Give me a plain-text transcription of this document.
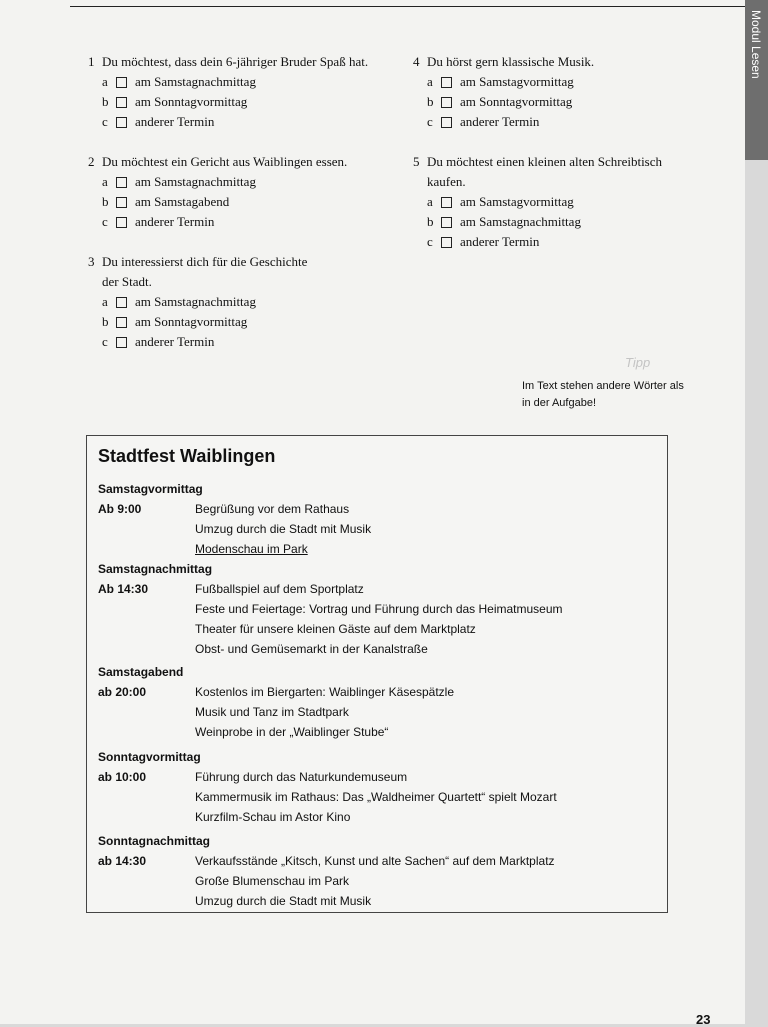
1 Du möchtest, dass dein 6-jähriger Bruder Spaß hat.
a	am Samstagnachmittag
b	am Sonntagvormittag
c	anderer Termin
2 Du möchtest ein Gericht aus Waiblingen essen.
a	am Samstagnachmittag
b	am Samstagabend
c	anderer Termin
3 Du interessierst dich für die Geschichte
der Stadt.
a	am Samstagnachmittag
b	am Sonntagvormittag
c	anderer Termin
4 Du hörst gern klassische Musik.
a	am Samstagvormittag
b	am Sonntagvormittag
c	anderer Termin
5 Du möchtest einen kleinen alten Schreibtisch
kaufen.
a	am Samstagvormittag
b	am Samstagnachmittag
c	anderer Termin
Tipp
Im Text stehen andere Wörter als in der Aufgabe!
Stadtfest Waiblingen
Samstagvormittag
Ab 9:00	Begrüßung vor dem Rathaus
Umzug durch die Stadt mit Musik
Modenschau im Park
Samstagnachmittag
Ab 14:30	Fußballspiel auf dem Sportplatz
Feste und Feiertage: Vortrag und Führung durch das Heimatmuseum
Theater für unsere kleinen Gäste auf dem Marktplatz
Obst- und Gemüsemarkt in der Kanalstraße
Samstagabend
ab 20:00	Kostenlos im Biergarten: Waiblinger Käsespätzle
Musik und Tanz im Stadtpark
Weinprobe in der „Waiblinger Stube“
Sonntagvormittag
ab 10:00	Führung durch das Naturkundemuseum
Kammermusik im Rathaus: Das „Waldheimer Quartett“ spielt Mozart
Kurzfilm-Schau im Astor Kino
Sonntagnachmittag
ab 14:30	Verkaufsstände „Kitsch, Kunst und alte Sachen“ auf dem Marktplatz
Große Blumenschau im Park
Umzug durch die Stadt mit Musik
23
Modul Lesen
